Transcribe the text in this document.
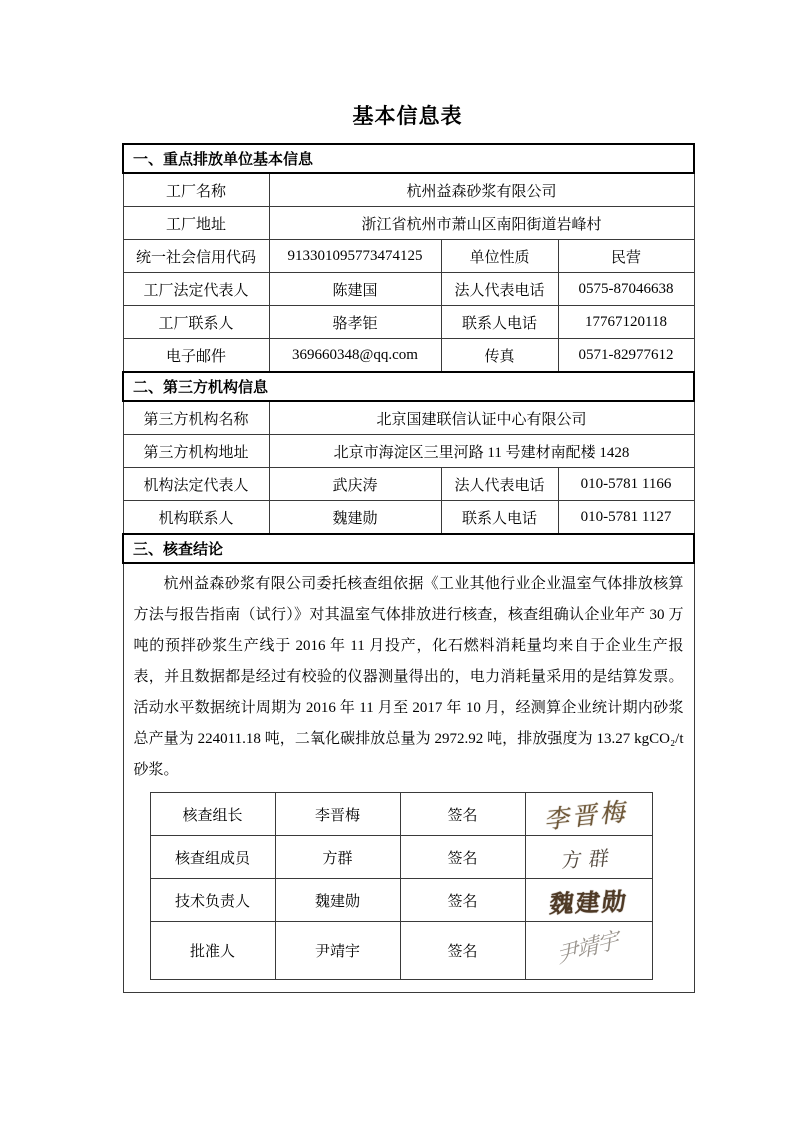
基本信息表
一、重点排放单位基本信息
工厂名称	杭州益森砂浆有限公司
工厂地址	浙江省杭州市萧山区南阳街道岩峰村
统一社会信用代码	913301095773474125	单位性质	民营
工厂法定代表人	陈建国	法人代表电话	0575-87046638
工厂联系人	骆孝钜	联系人电话	17767120118
电子邮件	369660348@qq.com	传真	0571-82977612
二、第三方机构信息
第三方机构名称	北京国建联信认证中心有限公司
第三方机构地址	北京市海淀区三里河路 11 号建材南配楼 1428
机构法定代表人	武庆涛	法人代表电话	010-5781 1166
机构联系人	魏建勋	联系人电话	010-5781 1127
三、核查结论

杭州益森砂浆有限公司委托核查组依据《工业其他行业企业温室气体排放核算方法与报告指南（试行）》对其温室气体排放进行核查，核查组确认企业年产 30 万吨的预拌砂浆生产线于 2016 年 11 月投产，化石燃料消耗量均来自于企业生产报表，并且数据都是经过有校验的仪器测量得出的，电力消耗量采用的是结算发票。活动水平数据统计周期为 2016 年 11 月至 2017 年 10 月，经测算企业统计期内砂浆总产量为 224011.18 吨，二氧化碳排放总量为 2972.92 吨，排放强度为 13.27 kgCO₂/t 砂浆。

核查组长	李晋梅	签名	李晋梅
核查组成员	方群	签名	方群
技术负责人	魏建勋	签名	魏建勋
批准人	尹靖宇	签名	尹靖宇
